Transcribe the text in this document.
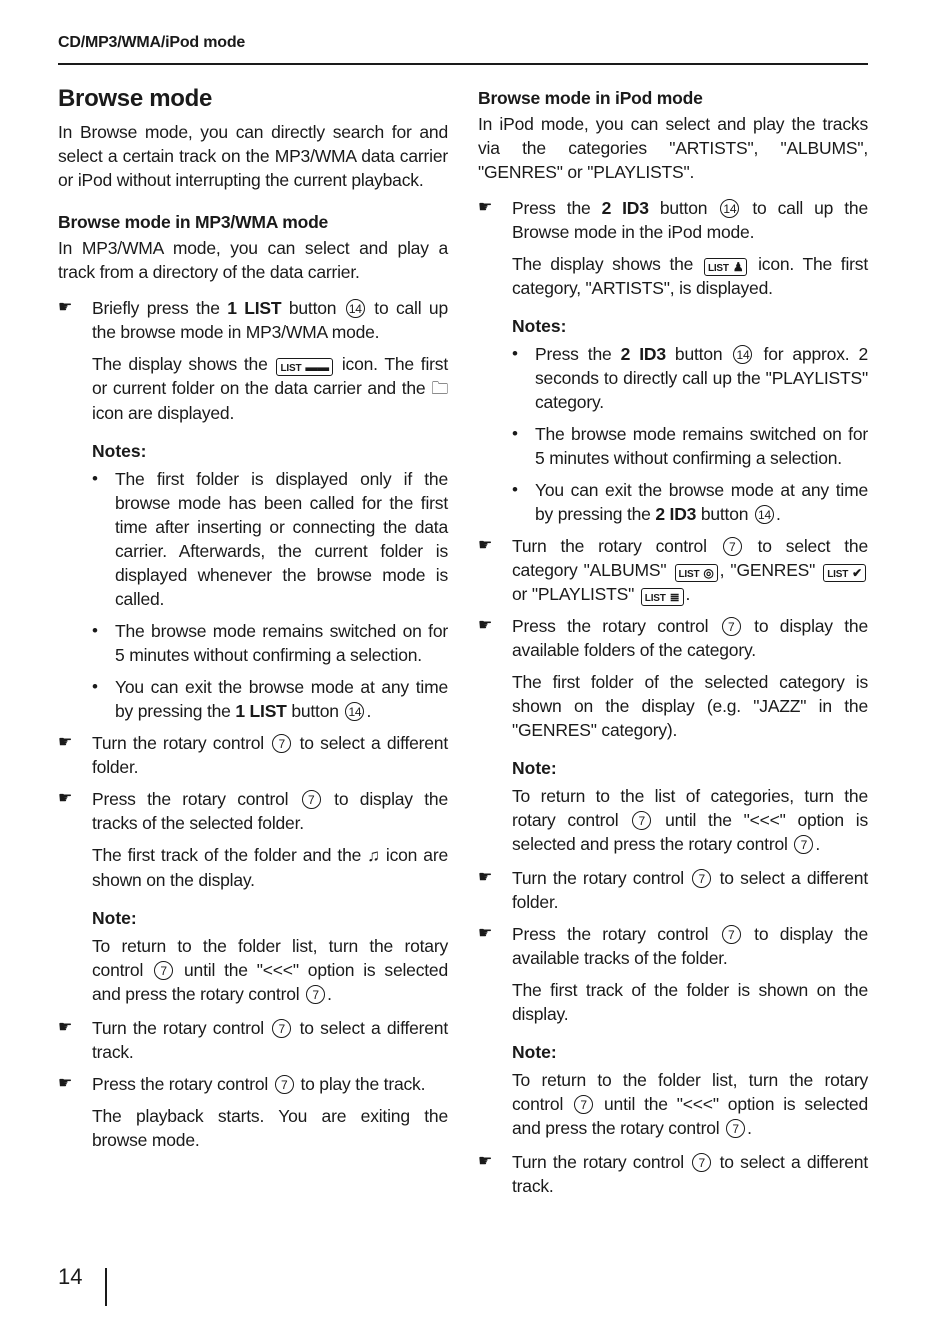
CD/MP3/WMA/iPod mode
Browse mode

In Browse mode, you can directly search for and select a certain track on the MP3/WMA data carrier or iPod without interrupting the current playback.

Browse mode in MP3/WMA mode

In MP3/WMA mode, you can select and play a track from a directory of the data carrier.

☛ Briefly press the 1 LIST button 14 to call up the browse mode in MP3/WMA mode.

The display shows the LIST ▬▬ icon. The first or current folder on the data carrier and the 🗀 icon are displayed.

Notes:
• The first folder is displayed only if the browse mode has been called for the first time after inserting or connecting the data carrier. Afterwards, the current folder is displayed whenever the browse mode is called.

• The browse mode remains switched on for 5 minutes without confirming a selection.

• You can exit the browse mode at any time by pressing the 1 LIST button 14 .

☛ Turn the rotary control 7 to select a different folder.

☛ Press the rotary control 7 to display the tracks of the selected folder.

The first track of the folder and the ♫ icon are shown on the display.

Note:

To return to the folder list, turn the rotary control 7 until the "<<<" option is selected and press the rotary control 7 .

☛ Turn the rotary control 7 to select a different track.

☛ Press the rotary control 7 to play the track.

The playback starts. You are exiting the browse mode.

Browse mode in iPod mode

In iPod mode, you can select and play the tracks via the categories "ARTISTS", "ALBUMS", "GENRES" or "PLAYLISTS".

☛ Press the 2 ID3 button 14 to call up the Browse mode in the iPod mode.

The display shows the LIST ♟ icon. The first category, "ARTISTS", is displayed.

Notes:
• Press the 2 ID3 button 14 for approx. 2 seconds to directly call up the "PLAYLISTS" category.

• The browse mode remains switched on for 5 minutes without confirming a selection.

• You can exit the browse mode at any time by pressing the 2 ID3 button 14 .

☛ Turn the rotary control 7 to select the category "ALBUMS" LIST ◎ , "GENRES" LIST ✔ or "PLAYLISTS" LIST ≣ .

☛ Press the rotary control 7 to display the available folders of the category.

The first folder of the selected category is shown on the display (e.g. "JAZZ" in the "GENRES" category).

Note:

To return to the list of categories, turn the rotary control 7 until the "<<<" option is selected and press the rotary control 7 .

☛ Turn the rotary control 7 to select a different folder.

☛ Press the rotary control 7 to display the available tracks of the folder.

The first track of the folder is shown on the display.

Note:

To return to the folder list, turn the rotary control 7 until the "<<<" option is selected and press the rotary control 7 .

☛ Turn the rotary control 7 to select a different track.

14
